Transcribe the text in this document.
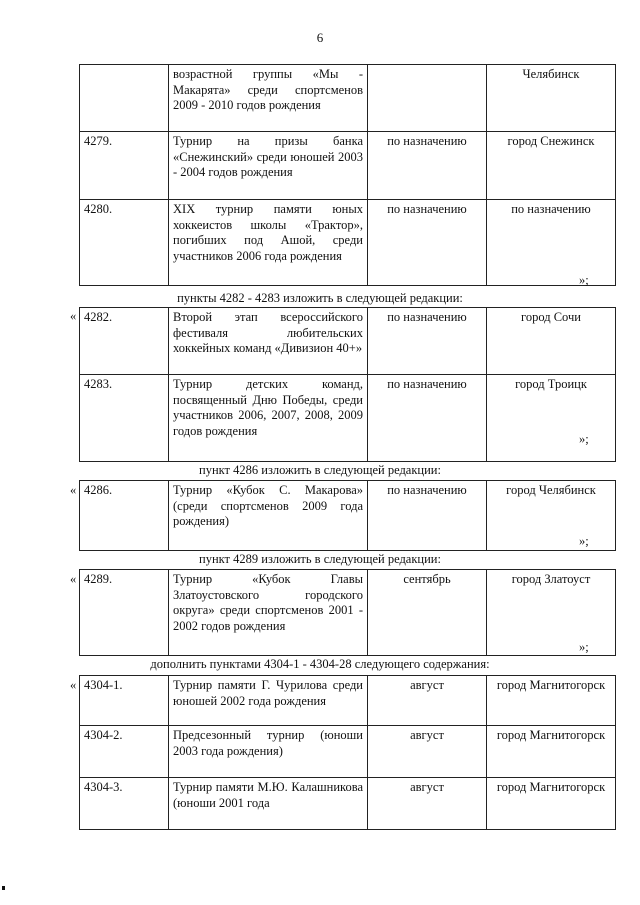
6
	возрастной группы «Мы - Макарята» среди спортсменов 2009 - 2010 годов рождения		Челябинск
4279.	Турнир на призы банка «Снежинский» среди юношей 2003 - 2004 годов рождения	по назначению	город Снежинск
4280.	XIX турнир памяти юных хоккеистов школы «Трактор», погибших под Ашой, среди участников 2006 года рождения	по назначению	по назначению
»;
пункты 4282 - 4283 изложить в следующей редакции:
« 4282.	Второй этап всероссийского фестиваля любительских хоккейных команд «Дивизион 40+»	по назначению	город Сочи
4283.	Турнир детских команд, посвященный Дню Победы, среди участников 2006, 2007, 2008, 2009 годов рождения	по назначению	город Троицк
»;
пункт 4286 изложить в следующей редакции:
« 4286.	Турнир «Кубок С. Макарова» (среди спортсменов 2009 года рождения)	по назначению	город Челябинск
»;
пункт 4289 изложить в следующей редакции:
« 4289.	Турнир «Кубок Главы Златоустовского городского округа» среди спортсменов 2001 - 2002 годов рождения	сентябрь	город Златоуст
»;
дополнить пунктами 4304-1 - 4304-28 следующего содержания:
« 4304-1.	Турнир памяти Г. Чурилова среди юношей 2002 года рождения	август	город Магнитогорск
4304-2.	Предсезонный турнир (юноши 2003 года рождения)	август	город Магнитогорск
4304-3.	Турнир памяти М.Ю. Калашникова (юноши 2001 года	август	город Магнитогорск
